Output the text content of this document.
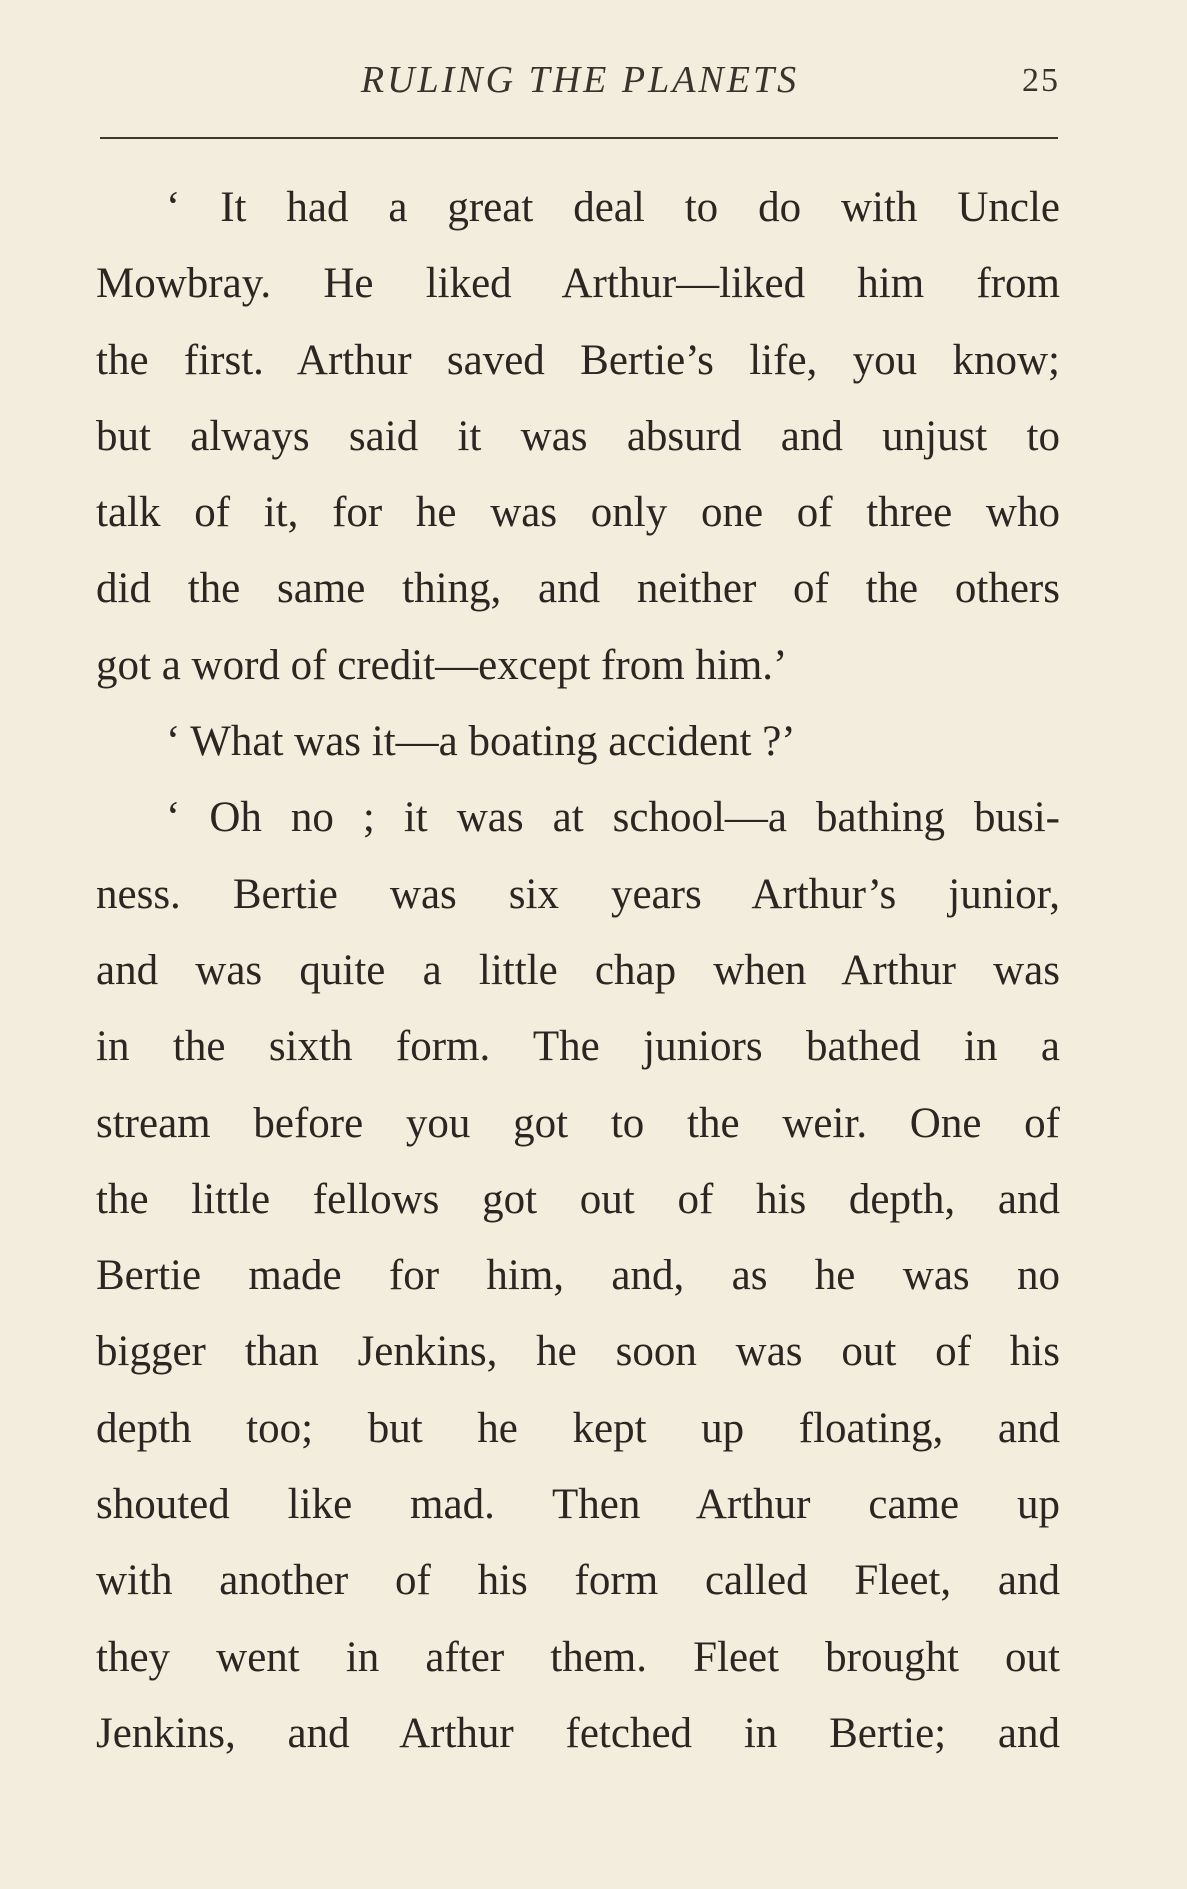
RULING THE PLANETS	25
‘ It had a great deal to do with Uncle
Mowbray. He liked Arthur—liked him from
the first. Arthur saved Bertie’s life, you know;
but always said it was absurd and unjust to
talk of it, for he was only one of three who
did the same thing, and neither of the others
got a word of credit—except from him.’
‘ What was it—a boating accident ?’
‘ Oh no ; it was at school—a bathing busi-
ness. Bertie was six years Arthur’s junior,
and was quite a little chap when Arthur was
in the sixth form. The juniors bathed in a
stream before you got to the weir. One of
the little fellows got out of his depth, and
Bertie made for him, and, as he was no
bigger than Jenkins, he soon was out of his
depth too; but he kept up floating, and
shouted like mad. Then Arthur came up
with another of his form called Fleet, and
they went in after them. Fleet brought out
Jenkins, and Arthur fetched in Bertie; and
